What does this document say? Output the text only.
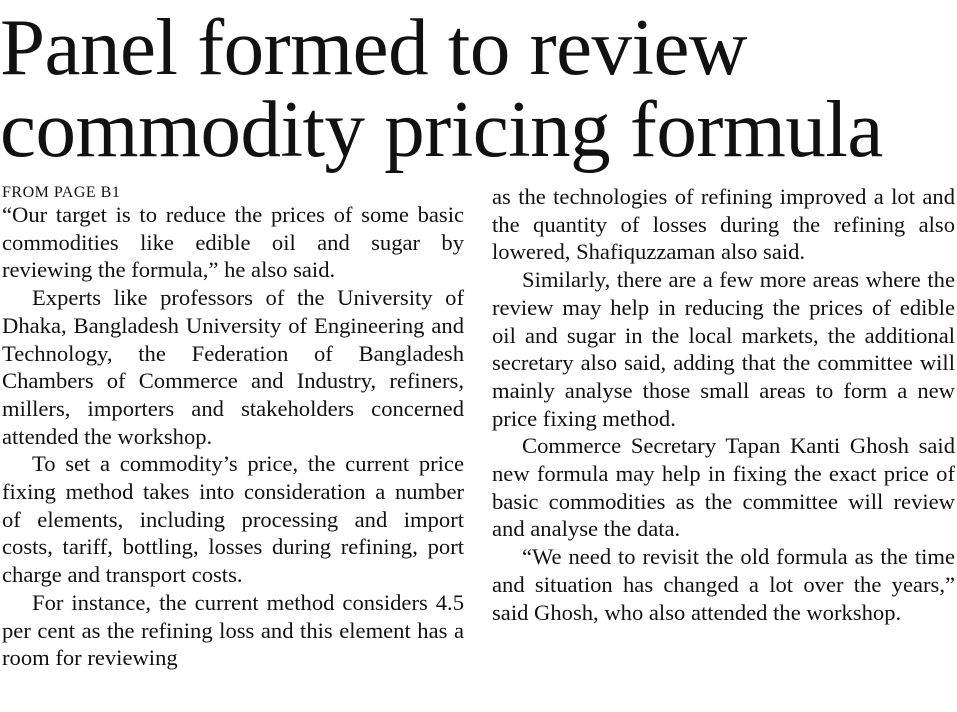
Panel formed to review
commodity pricing formula
FROM PAGE B1

“Our target is to reduce the prices of some basic commodities like edible oil and sugar by reviewing the formula,” he also said.

Experts like professors of the University of Dhaka, Bangladesh University of Engineering and Technology, the Federation of Bangladesh Chambers of Commerce and Industry, refiners, millers, importers and stakeholders concerned attended the workshop.

To set a commodity’s price, the current price fixing method takes into consideration a number of elements, including processing and import costs, tariff, bottling, losses during refining, port charge and transport costs.

For instance, the current method considers 4.5 per cent as the refining loss and this element has a room for reviewing

as the technologies of refining improved a lot and the quantity of losses during the refining also lowered, Shafiquzzaman also said.

Similarly, there are a few more areas where the review may help in reducing the prices of edible oil and sugar in the local markets, the additional secretary also said, adding that the committee will mainly analyse those small areas to form a new price fixing method.

Commerce Secretary Tapan Kanti Ghosh said new formula may help in fixing the exact price of basic commodities as the committee will review and analyse the data.

“We need to revisit the old formula as the time and situation has changed a lot over the years,” said Ghosh, who also attended the workshop.
